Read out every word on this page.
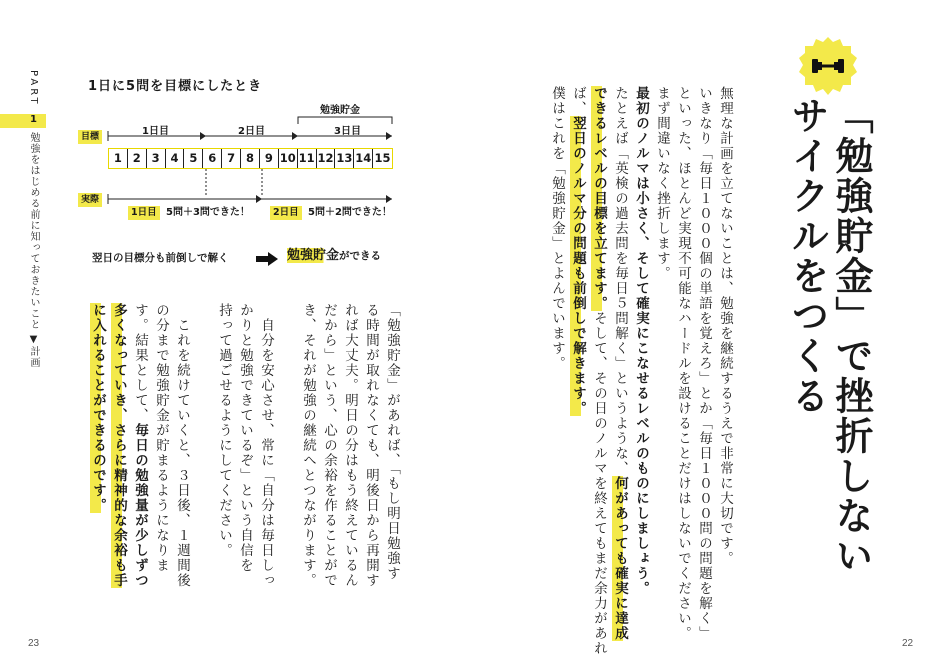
「勉強貯金」で挫折しない
サイクルをつくる
無理な計画を立てないことは、勉強を継続するうえで非常に大切です。
いきなり「毎日１０００個の単語を覚えろ」とか「毎日１０００問の問題を解く」
といった、ほとんど実現不可能なハードルを設けることだけはしないでください。
まず間違いなく挫折します。
最初のノルマは小さく、そして確実にこなせるレベルのものにしましょう。
たとえば「英検の過去問を毎日５問解く」というような、何があっても確実に達成
できるレベルの目標を立てます。そして、その日のノルマを終えてもまだ余力があれ
ば、翌日のノルマ分の問題も前倒しで解きます。
僕はこれを「勉強貯金」とよんでいます。
22
PART
1
勉強をはじめる前に知っておきたいこと ▼計画
1日に5問を目標にしたとき
勉強貯金
1日目	2日目	3日目
目標
実際
1 2 3 4 5 6 7 8 9 10 11 12 13 14 15
1日目 5問＋3問できた！	2日目 5問＋2問できた！
翌日の目標分も前倒しで解く	勉強貯金ができる
「勉強貯金」があれば、「もし明日勉強す
る時間が取れなくても、明後日から再開す
れば大丈夫。明日の分はもう終えているん
だから」という、心の余裕を作ることがで
き、それが勉強の継続へとつながります。

　自分を安心させ、常に「自分は毎日しっ
かりと勉強できているぞ」という自信を
持って過ごせるようにしてください。

　これを続けていくと、３日後、１週間後
の分まで勉強貯金が貯まるようになりま
す。結果として、毎日の勉強量が少しずつ
多くなっていき、さらに精神的な余裕も手
に入れることができるのです。
23
